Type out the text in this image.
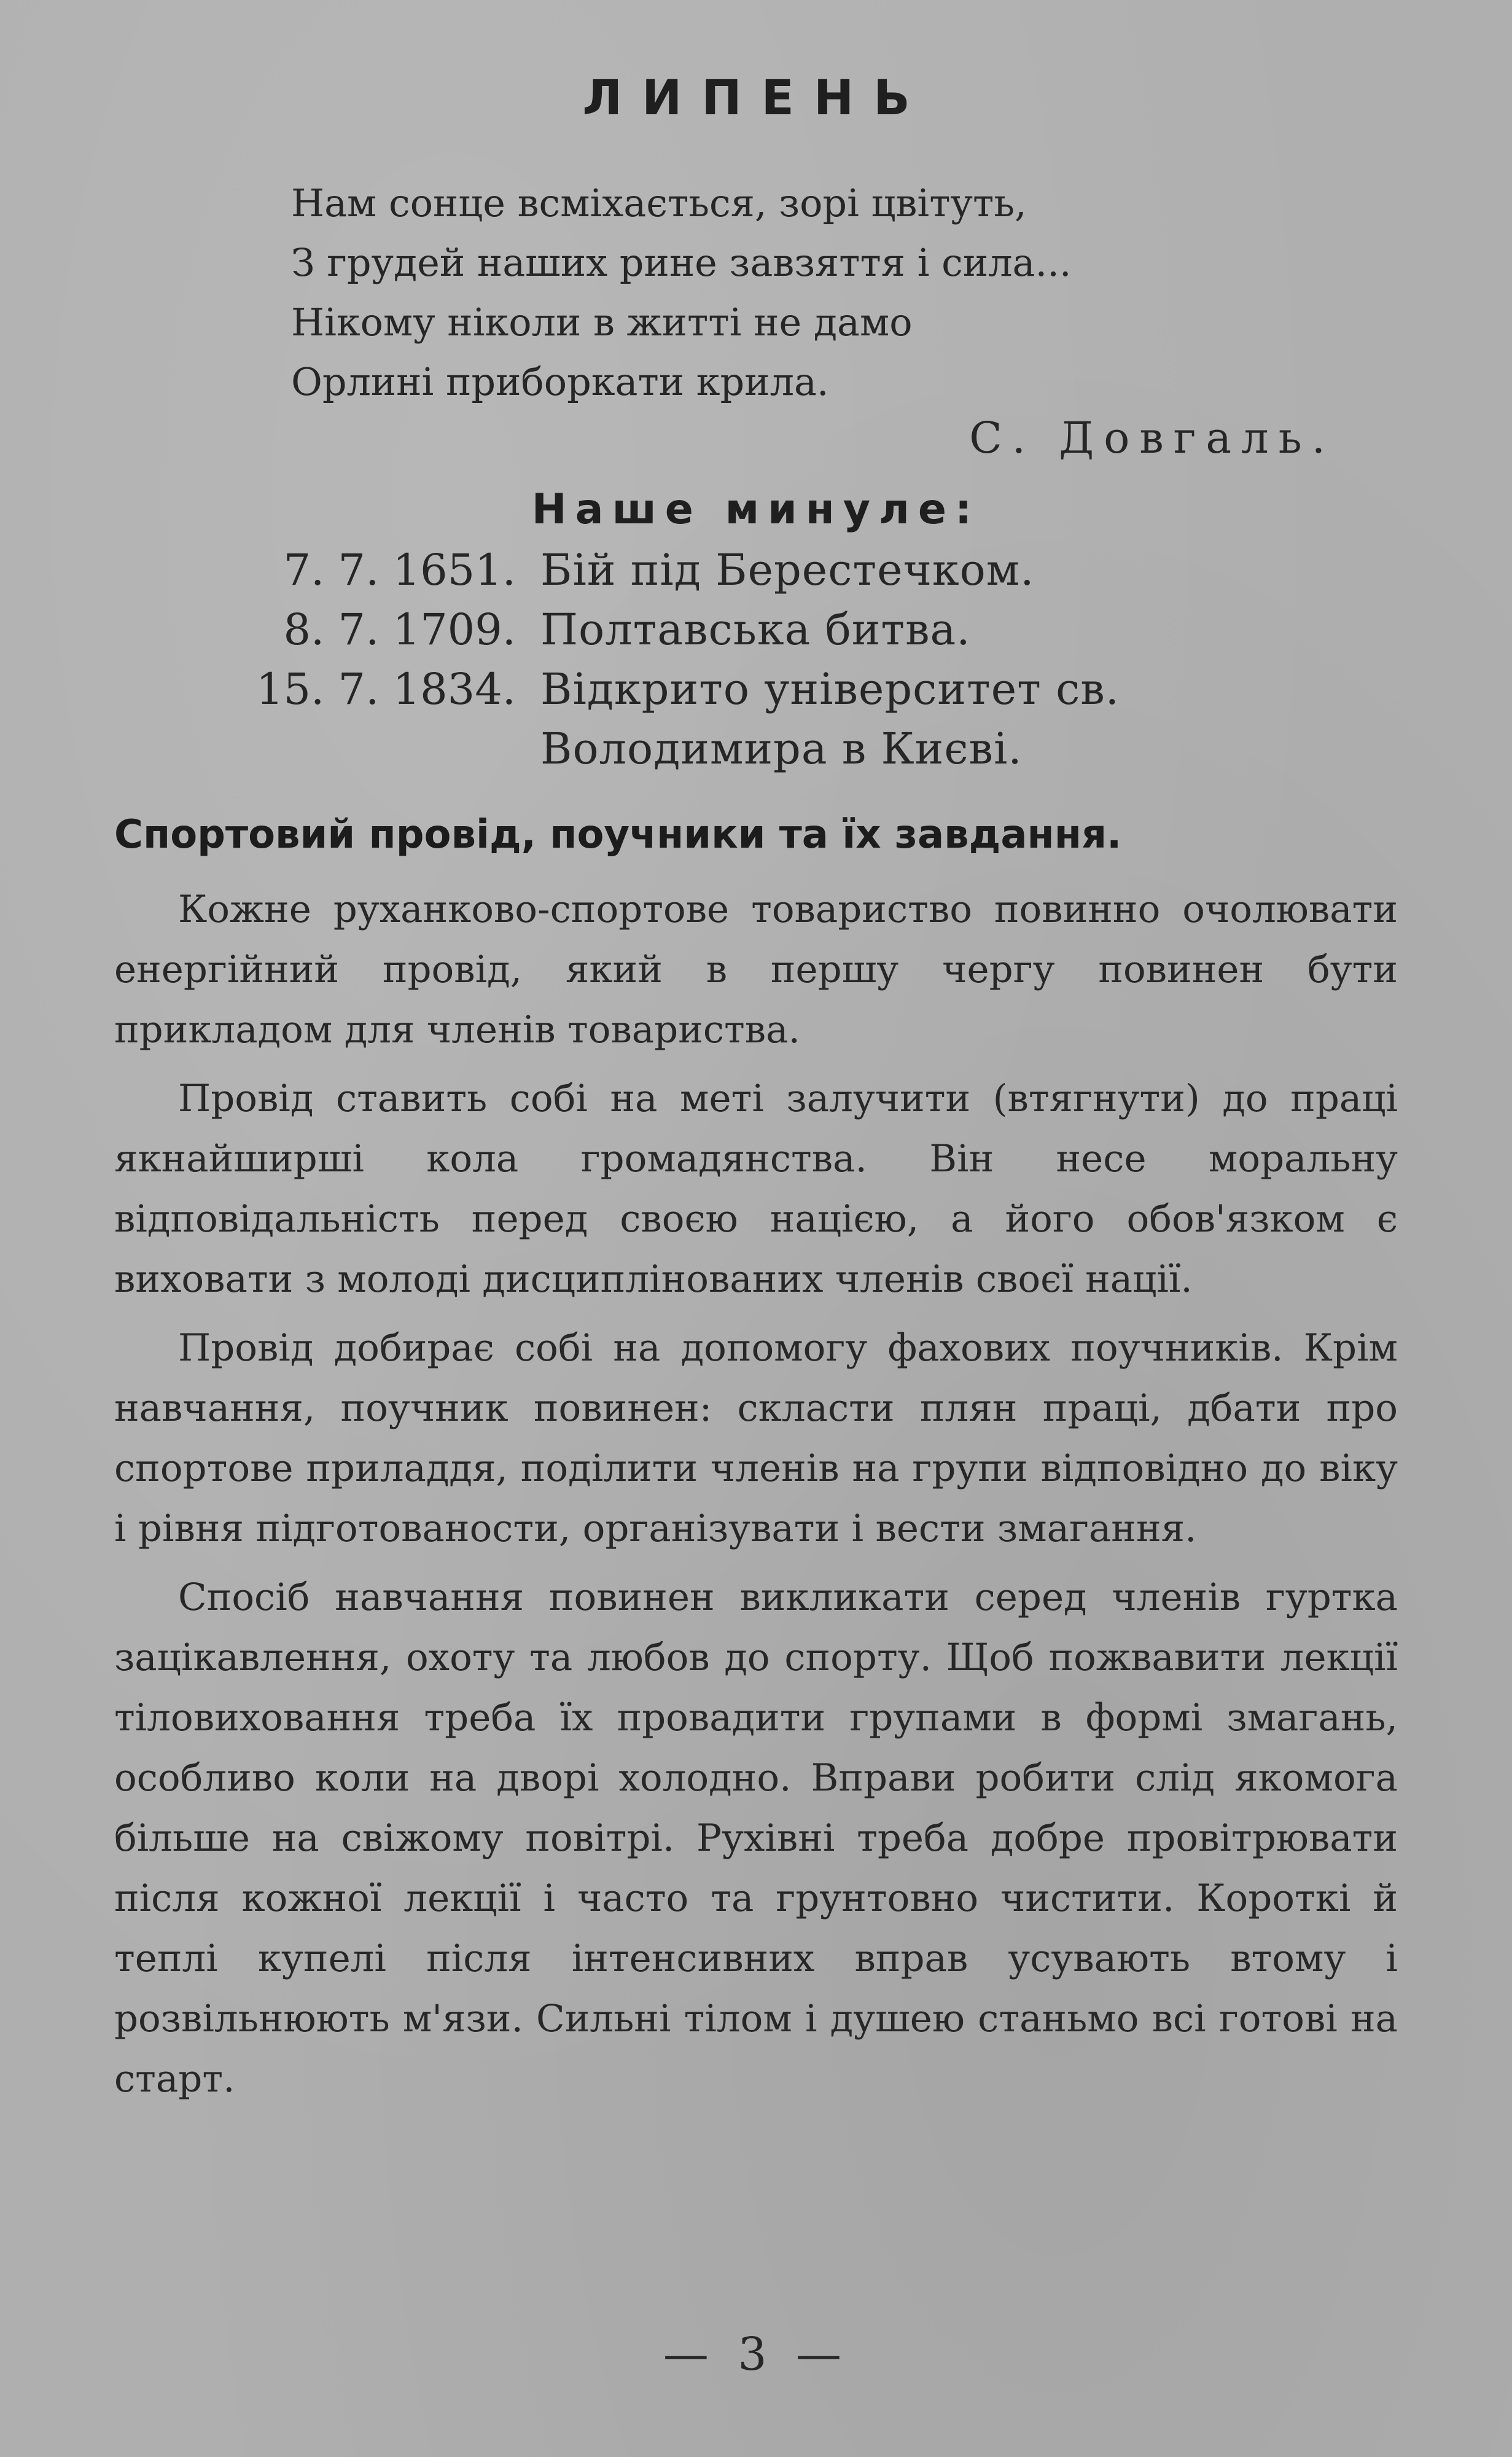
ЛИПЕНЬ
Нам сонце всміхається, зорі цвітуть,
З грудей наших рине завзяття і сила...
Нікому ніколи в житті не дамо
Орлині приборкати крила.
С. Довгаль.
Наше минуле:
7. 7. 1651. Бій під Берестечком.
8. 7. 1709. Полтавська битва.
15. 7. 1834. Відкрито університет св. Володимира в Києві.
Спортовий провід, поучники та їх завдання.

Кожне руханково-спортове товариство повинно очолювати енергійний провід, який в першу чергу повинен бути прикладом для членів товариства.

Провід ставить собі на меті залучити (втягнути) до праці якнайширші кола громадянства. Він несе моральну відповідальність перед своєю нацією, а його обов'язком є виховати з молоді дисциплінованих членів своєї нації.

Провід добирає собі на допомогу фахових поучників. Крім навчання, поучник повинен: скласти плян праці, дбати про спортове приладдя, поділити членів на групи відповідно до віку і рівня підготованости, організувати і вести змагання.

Спосіб навчання повинен викликати серед членів гуртка зацікавлення, охоту та любов до спорту. Щоб пожвавити лекції тіловиховання треба їх провадити групами в формі змагань, особливо коли на дворі холодно. Вправи робити слід якомога більше на свіжому повітрі. Рухівні треба добре провітрювати після кожної лекції і часто та грунтовно чистити. Короткі й теплі купелі після інтенсивних вправ усувають втому і розвільнюють м'язи. Сильні тілом і душею станьмо всі готові на старт.

— 3 —
